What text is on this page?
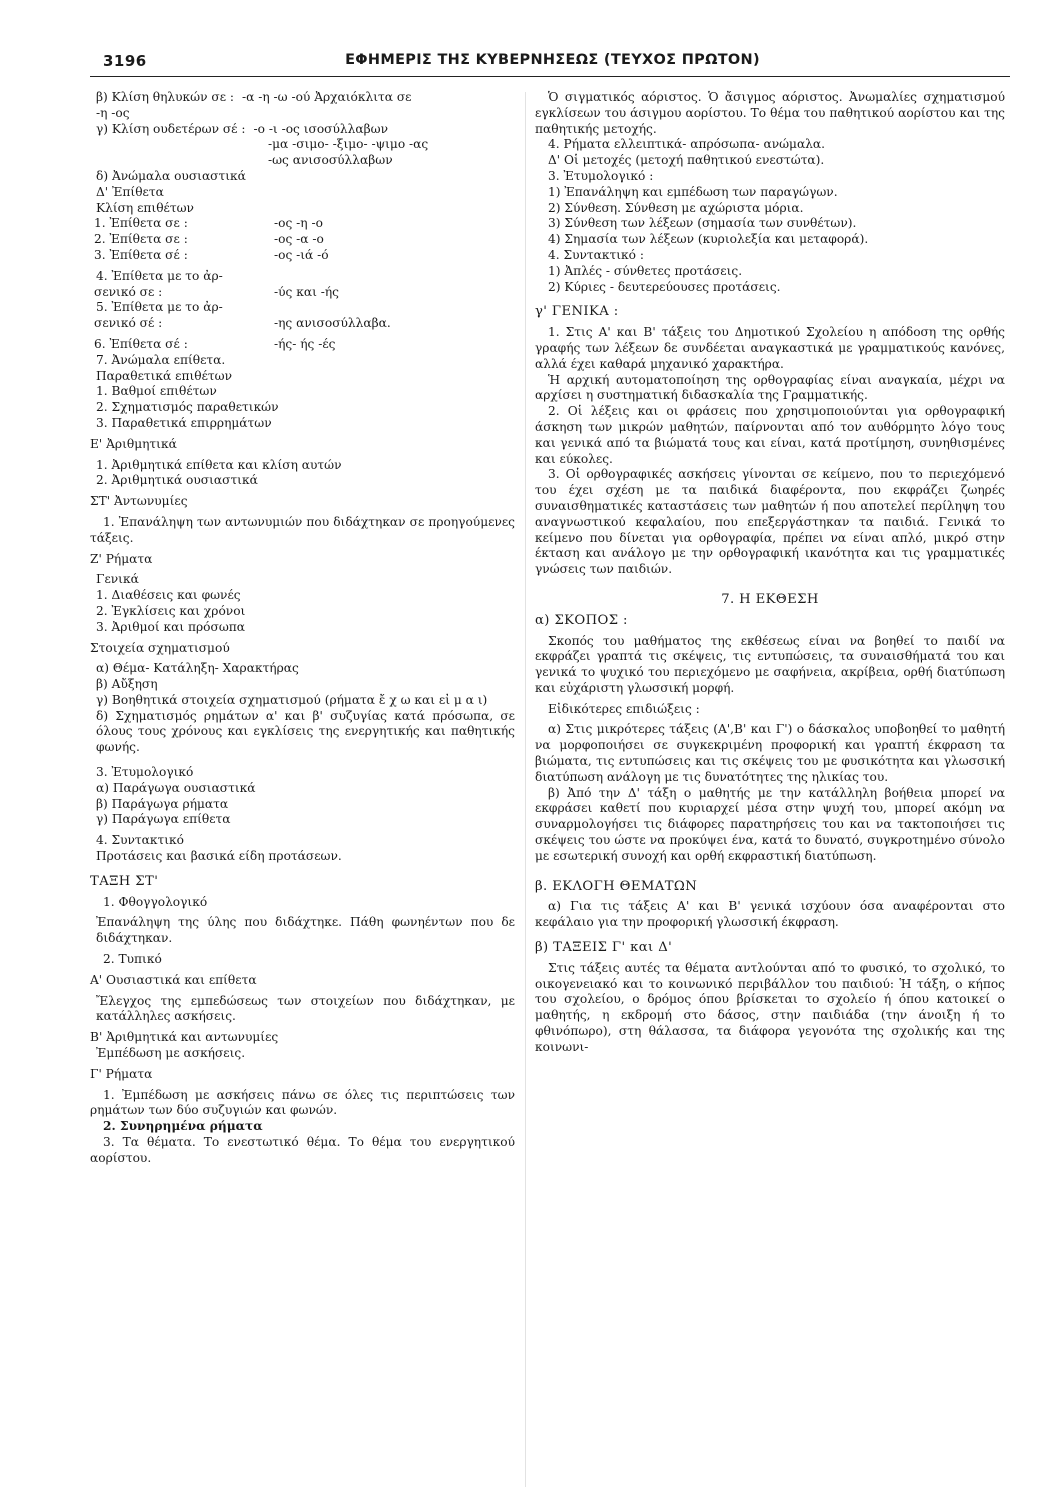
3196	ΕΦΗΜΕΡΙΣ ΤΗΣ ΚΥΒΕΡΝΗΣΕΩΣ (ΤΕΥΧΟΣ ΠΡΩΤΟΝ)
β) Κλίση θηλυκών σε : -α -η -ω -ού Ἀρχαιόκλιτα σε

-η -ος

γ) Κλίση ουδετέρων σέ : -ο -ι -ος ισοσύλλαβων

-μα -σιμο- -ξιμο- -ψιμο -ας

-ως ανισοσύλλαβων

δ) Ἀνώμαλα ουσιαστικά

Δ' Ἐπίθετα

Κλίση επιθέτων

1. Ἐπίθετα σε :	-ος -η -ο
2. Ἐπίθετα σε :	-ος -α -ο
3. Ἐπίθετα σέ :	-ος -ιά -ό

4. Ἐπίθετα με το ἀρ-

σενικό σε :	-ύς και -ής

5. Ἐπίθετα με το ἀρ-

σενικό σέ :	-ης ανισοσύλλαβα.
6. Ἐπίθετα σέ :	-ής- ής -ές

7. Ἀνώμαλα επίθετα.

Παραθετικά επιθέτων

1. Βαθμοί επιθέτων

2. Σχηματισμός παραθετικών

3. Παραθετικά επιρρημάτων

Ε' Ἀριθμητικά

1. Ἀριθμητικά επίθετα και κλίση αυτών

2. Ἀριθμητικά ουσιαστικά

ΣΤ' Ἀντωνυμίες

1. Ἐπανάληψη των αντωνυμιών που διδάχτηκαν σε προηγούμενες τάξεις.

Ζ' Ρήματα

Γενικά

1. Διαθέσεις και φωνές

2. Ἐγκλίσεις και χρόνοι

3. Ἀριθμοί και πρόσωπα

Στοιχεία σχηματισμού

α) Θέμα- Κατάληξη- Χαρακτήρας

β) Αὔξηση

γ) Βοηθητικά στοιχεία σχηματισμού (ρήματα ἔ χ ω και εἰ μ α ι)

δ) Σχηματισμός ρημάτων α' και β' συζυγίας κατά πρόσωπα, σε όλους τους χρόνους και εγκλίσεις της ενεργητικής και παθητικής φωνής.

3. Ἐτυμολογικό

α) Παράγωγα ουσιαστικά

β) Παράγωγα ρήματα

γ) Παράγωγα επίθετα

4. Συντακτικό

Προτάσεις και βασικά είδη προτάσεων.

ΤΑΞΗ ΣΤ'

1. Φθογγολογικό

Ἐπανάληψη της ύλης που διδάχτηκε. Πάθη φωνηέντων που δε διδάχτηκαν.

2. Τυπικό

Α' Ουσιαστικά και επίθετα

Ἔλεγχος της εμπεδώσεως των στοιχείων που διδάχτηκαν, με κατάλληλες ασκήσεις.

Β' Ἀριθμητικά και αντωνυμίες

Ἐμπέδωση με ασκήσεις.

Γ' Ρήματα

1. Ἐμπέδωση με ασκήσεις πάνω σε όλες τις περιπτώσεις των ρημάτων των δύο συζυγιών και φωνών.

2. Συνηρημένα ρήματα

3. Τα θέματα. Το ενεστωτικό θέμα. Το θέμα του ενεργητικού αορίστου.

Ὁ σιγματικός αόριστος. Ὁ ἄσιγμος αόριστος. Ἀνωμαλίες σχηματισμού εγκλίσεων του άσιγμου αορίστου. Το θέμα του παθητικού αορίστου και της παθητικής μετοχής.

4. Ρήματα ελλειπτικά- απρόσωπα- ανώμαλα.

Δ' Οἱ μετοχές (μετοχή παθητικού ενεστώτα).

3. Ἐτυμολογικό :

1) Ἐπανάληψη και εμπέδωση των παραγώγων.

2) Σύνθεση. Σύνθεση με αχώριστα μόρια.

3) Σύνθεση των λέξεων (σημασία των συνθέτων).

4) Σημασία των λέξεων (κυριολεξία και μεταφορά).

4. Συντακτικό :

1) Ἀπλές - σύνθετες προτάσεις.

2) Κύριες - δευτερεύουσες προτάσεις.

γ' ΓΕΝΙΚΑ :

1. Στις Α' και Β' τάξεις του Δημοτικού Σχολείου η απόδοση της ορθής γραφής των λέξεων δε συνδέεται αναγκαστικά με γραμματικούς κανόνες, αλλά έχει καθαρά μηχανικό χαρακτήρα.

Ἡ αρχική αυτοματοποίηση της ορθογραφίας είναι αναγκαία, μέχρι να αρχίσει η συστηματική διδασκαλία της Γραμματικής.

2. Οἱ λέξεις και οι φράσεις που χρησιμοποιούνται για ορθογραφική άσκηση των μικρών μαθητών, παίρνονται από τον αυθόρμητο λόγο τους και γενικά από τα βιώματά τους και είναι, κατά προτίμηση, συνηθισμένες και εύκολες.

3. Οἱ ορθογραφικές ασκήσεις γίνονται σε κείμενο, που το περιεχόμενό του έχει σχέση με τα παιδικά διαφέροντα, που εκφράζει ζωηρές συναισθηματικές καταστάσεις των μαθητών ή που αποτελεί περίληψη του αναγνωστικού κεφαλαίου, που επεξεργάστηκαν τα παιδιά. Γενικά το κείμενο που δίνεται για ορθογραφία, πρέπει να είναι απλό, μικρό στην έκταση και ανάλογο με την ορθογραφική ικανότητα και τις γραμματικές γνώσεις των παιδιών.

7. Η ΕΚΘΕΣΗ

α) ΣΚΟΠΟΣ :

Σκοπός του μαθήματος της εκθέσεως είναι να βοηθεί το παιδί να εκφράζει γραπτά τις σκέψεις, τις εντυπώσεις, τα συναισθήματά του και γενικά το ψυχικό του περιεχόμενο με σαφήνεια, ακρίβεια, ορθή διατύπωση και εὐχάριστη γλωσσική μορφή.

Εἰδικότερες επιδιώξεις :

α) Στις μικρότερες τάξεις (Α',Β' και Γ') ο δάσκαλος υποβοηθεί το μαθητή να μορφοποιήσει σε συγκεκριμένη προφορική και γραπτή έκφραση τα βιώματα, τις εντυπώσεις και τις σκέψεις του με φυσικότητα και γλωσσική διατύπωση ανάλογη με τις δυνατότητες της ηλικίας του.

β) Ἀπό την Δ' τάξη ο μαθητής με την κατάλληλη βοήθεια μπορεί να εκφράσει καθετί που κυριαρχεί μέσα στην ψυχή του, μπορεί ακόμη να συναρμολογήσει τις διάφορες παρατηρήσεις του και να τακτοποιήσει τις σκέψεις του ώστε να προκύψει ένα, κατά το δυνατό, συγκροτημένο σύνολο με εσωτερική συνοχή και ορθή εκφραστική διατύπωση.

β. ΕΚΛΟΓΗ ΘΕΜΑΤΩΝ

α) Για τις τάξεις Α' και Β' γενικά ισχύουν όσα αναφέρονται στο κεφάλαιο για την προφορική γλωσσική έκφραση.

β) ΤΑΞΕΙΣ Γ' και Δ'

Στις τάξεις αυτές τα θέματα αντλούνται από το φυσικό, το σχολικό, το οικογενειακό και το κοινωνικό περιβάλλον του παιδιού: Ἡ τάξη, ο κήπος του σχολείου, ο δρόμος όπου βρίσκεται το σχολείο ή όπου κατοικεί ο μαθητής, η εκδρομή στο δάσος, στην παιδιάδα (την άνοιξη ή το φθινόπωρο), στη θάλασσα, τα διάφορα γεγονότα της σχολικής και της κοινωνι-
